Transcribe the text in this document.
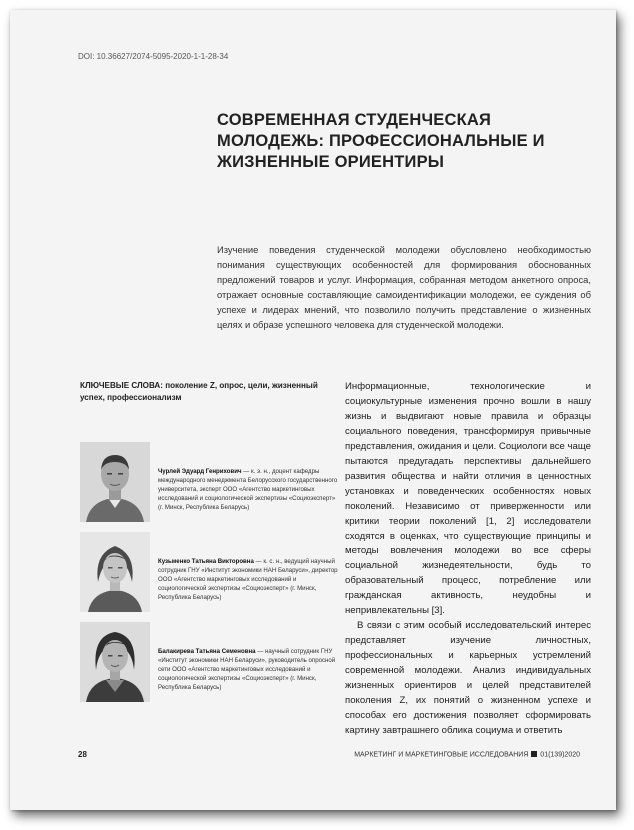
DOI: 10.36627/2074-5095-2020-1-1-28-34
СОВРЕМЕННАЯ СТУДЕНЧЕСКАЯ МОЛОДЕЖЬ: ПРОФЕССИОНАЛЬНЫЕ И ЖИЗНЕННЫЕ ОРИЕНТИРЫ

Изучение поведения студенческой молодежи обусловлено необходимостью понимания существующих особенностей для формирования обоснованных предложений товаров и услуг. Информация, собранная методом анкетного опроса, отражает основные составляющие самоидентификации молодежи, ее суждения об успехе и лидерах мнений, что позволило получить представление о жизненных целях и образе успешного человека для студенческой молодежи.

КЛЮЧЕВЫЕ СЛОВА: поколение Z, опрос, цели, жизненный успех, профессионализм
Чурлей Эдуард Генрихович — к. э. н., доцент кафедры международного менеджмента Белорусского государственного университета, эксперт ООО «Агентство маркетинговых исследований и социологической экспертизы «Социоэксперт» (г. Минск, Республика Беларусь)
Кузьменко Татьяна Викторовна — к. с. н., ведущий научный сотрудник ГНУ «Институт экономики НАН Беларуси», директор ООО «Агентство маркетинговых исследований и социологической экспертизы «Социоэксперт» (г. Минск, Республика Беларусь)
Балакирева Татьяна Семеновна — научный сотрудник ГНУ «Институт экономики НАН Беларуси», руководитель опросной сети ООО «Агентство маркетинговых исследований и социологической экспертизы «Социоэксперт» (г. Минск, Республика Беларусь)

Информационные, технологические и социокультурные изменения прочно вошли в нашу жизнь и выдвигают новые правила и образцы социального поведения, трансформируя привычные представления, ожидания и цели. Социологи все чаще пытаются предугадать перспективы дальнейшего развития общества и найти отличия в ценностных установках и поведенческих особенностях новых поколений. Независимо от приверженности или критики теории поколений [1, 2] исследователи сходятся в оценках, что существующие принципы и методы вовлечения молодежи во все сферы социальной жизнедеятельности, будь то образовательный процесс, потребление или гражданская активность, неудобны и непривлекательны [3].

В связи с этим особый исследовательский интерес представляет изучение личностных, профессиональных и карьерных устремлений современной молодежи. Анализ индивидуальных жизненных ориентиров и целей представителей поколения Z, их понятий о жизненном успехе и способах его достижения позволяет сформировать картину завтрашнего облика социума и ответить

28	МАРКЕТИНГ И МАРКЕТИНГОВЫЕ ИССЛЕДОВАНИЯ 01(139)2020
